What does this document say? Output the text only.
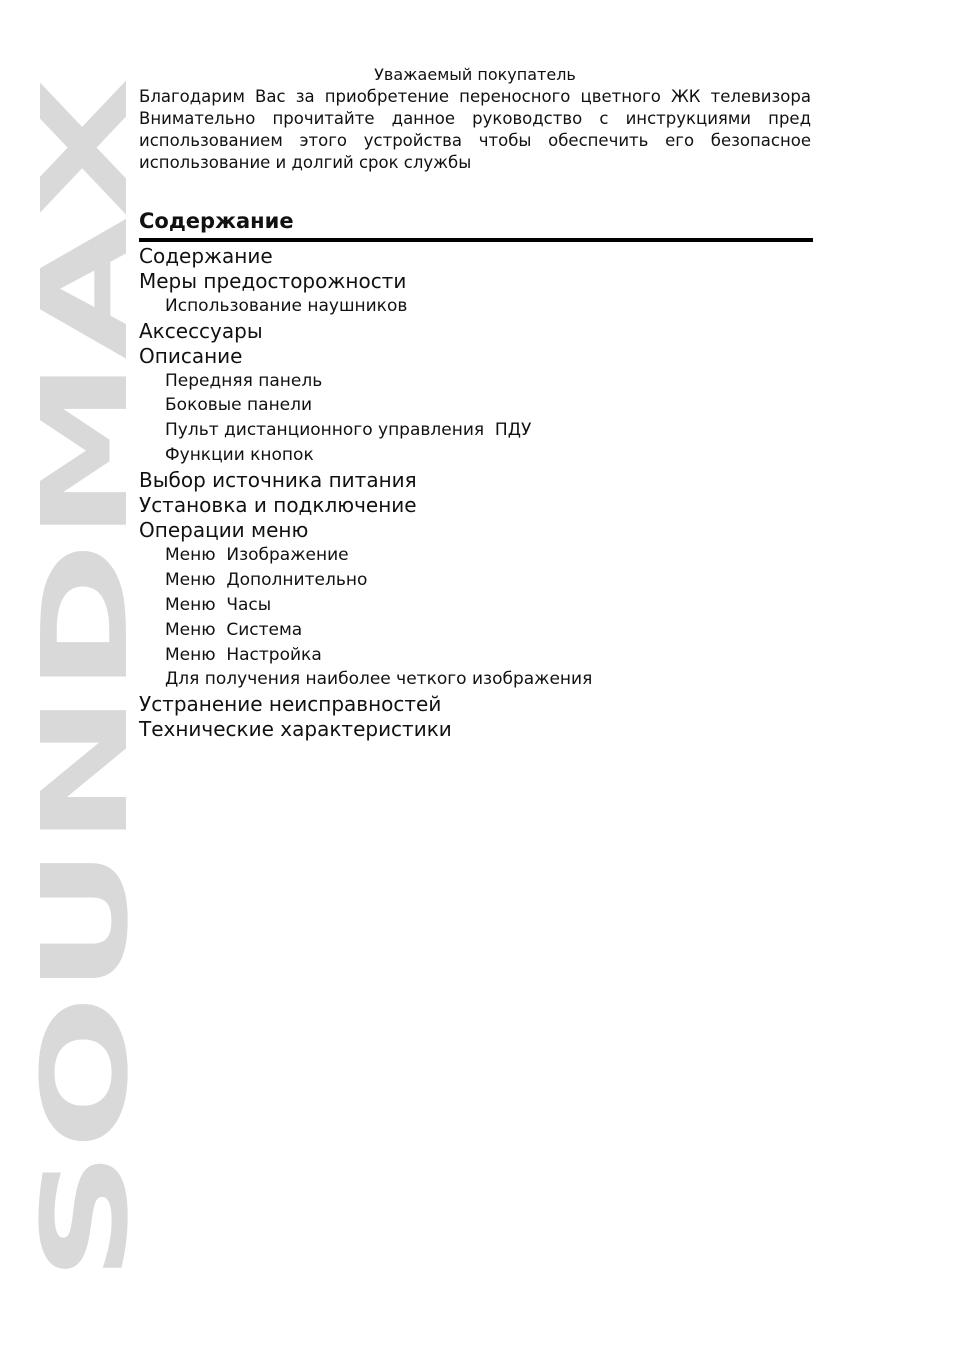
SOUNDMAX

Уважаемый покупатель

Благодарим Вас за приобретение переносного цветного ЖК телевизора Внимательно прочитайте данное руководство с инструкциями пред использованием этого устройства чтобы обеспечить его безопасное использование и долгий срок службы

Содержание
Содержание
Меры предосторожности
Использование наушников
Аксессуары
Описание
Передняя панель
Боковые панели
Пульт дистанционного управления  ПДУ
Функции кнопок
Выбор источника питания
Установка и подключение
Операции меню
Меню  Изображение
Меню  Дополнительно
Меню  Часы
Меню  Система
Меню  Настройка
Для получения наиболее четкого изображения
Устранение неисправностей
Технические характеристики
